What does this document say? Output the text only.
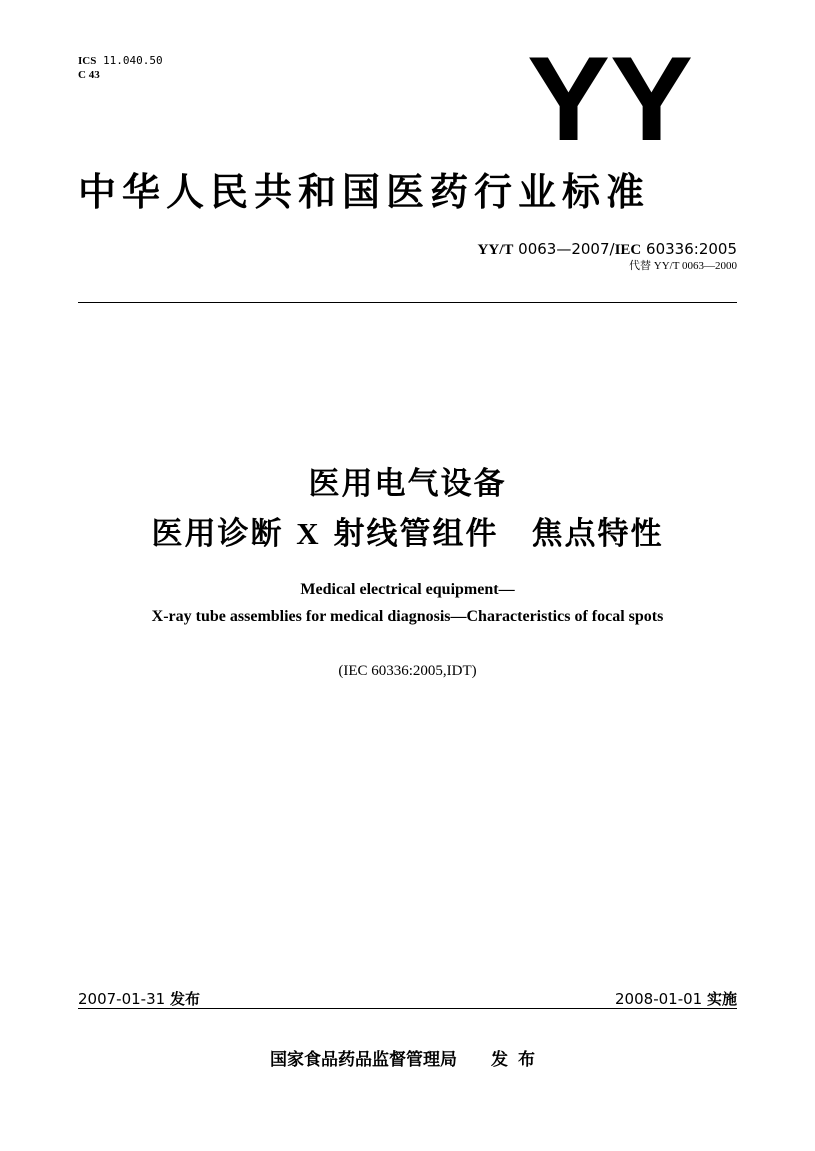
ICS 11.040.50
C 43	YY
中华人民共和国医药行业标准
YY/T 0063—2007/IEC 60336:2005
代替 YY/T 0063—2000
医用电气设备
医用诊断 X 射线管组件　焦点特性
Medical electrical equipment—
X-ray tube assemblies for medical diagnosis—Characteristics of focal spots
(IEC 60336:2005,IDT)
2007-01-31 发布	2008-01-01 实施
国家食品药品监督管理局 发布
